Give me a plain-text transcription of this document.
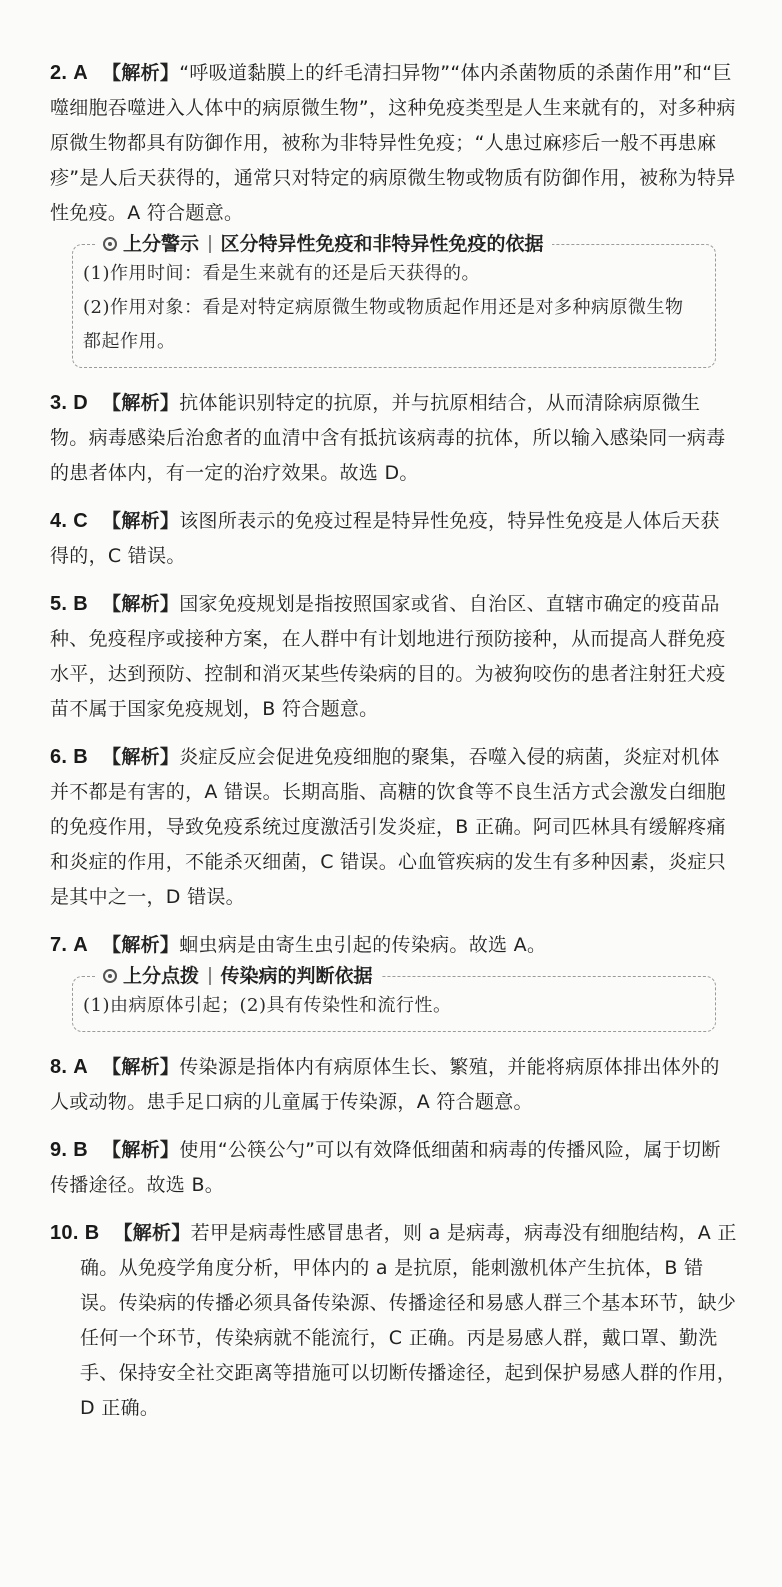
2. A 【解析】“呼吸道黏膜上的纤毛清扫异物”“体内杀菌物质的杀菌作用”和“巨噬细胞吞噬进入人体中的病原微生物”，这种免疫类型是人生来就有的，对多种病原微生物都具有防御作用，被称为非特异性免疫；“人患过麻疹后一般不再患麻疹”是人后天获得的，通常只对特定的病原微生物或物质有防御作用，被称为特异性免疫。A 符合题意。
上分警示 区分特异性免疫和非特异性免疫的依据
(1)作用时间：看是生来就有的还是后天获得的。
(2)作用对象：看是对特定病原微生物或物质起作用还是对多种病原微生物都起作用。
3. D 【解析】抗体能识别特定的抗原，并与抗原相结合，从而清除病原微生物。病毒感染后治愈者的血清中含有抵抗该病毒的抗体，所以输入感染同一病毒的患者体内，有一定的治疗效果。故选 D。
4. C 【解析】该图所表示的免疫过程是特异性免疫，特异性免疫是人体后天获得的，C 错误。
5. B 【解析】国家免疫规划是指按照国家或省、自治区、直辖市确定的疫苗品种、免疫程序或接种方案，在人群中有计划地进行预防接种，从而提高人群免疫水平，达到预防、控制和消灭某些传染病的目的。为被狗咬伤的患者注射狂犬疫苗不属于国家免疫规划，B 符合题意。
6. B 【解析】炎症反应会促进免疫细胞的聚集，吞噬入侵的病菌，炎症对机体并不都是有害的，A 错误。长期高脂、高糖的饮食等不良生活方式会激发白细胞的免疫作用，导致免疫系统过度激活引发炎症，B 正确。阿司匹林具有缓解疼痛和炎症的作用，不能杀灭细菌，C 错误。心血管疾病的发生有多种因素，炎症只是其中之一，D 错误。
7. A 【解析】蛔虫病是由寄生虫引起的传染病。故选 A。
上分点拨 传染病的判断依据
(1)由病原体引起；(2)具有传染性和流行性。
8. A 【解析】传染源是指体内有病原体生长、繁殖，并能将病原体排出体外的人或动物。患手足口病的儿童属于传染源，A 符合题意。
9. B 【解析】使用“公筷公勺”可以有效降低细菌和病毒的传播风险，属于切断传播途径。故选 B。
10. B 【解析】若甲是病毒性感冒患者，则 a 是病毒，病毒没有细胞结构，A 正确。从免疫学角度分析，甲体内的 a 是抗原，能刺激机体产生抗体，B 错误。传染病的传播必须具备传染源、传播途径和易感人群三个基本环节，缺少任何一个环节，传染病就不能流行，C 正确。丙是易感人群，戴口罩、勤洗手、保持安全社交距离等措施可以切断传播途径，起到保护易感人群的作用，D 正确。
